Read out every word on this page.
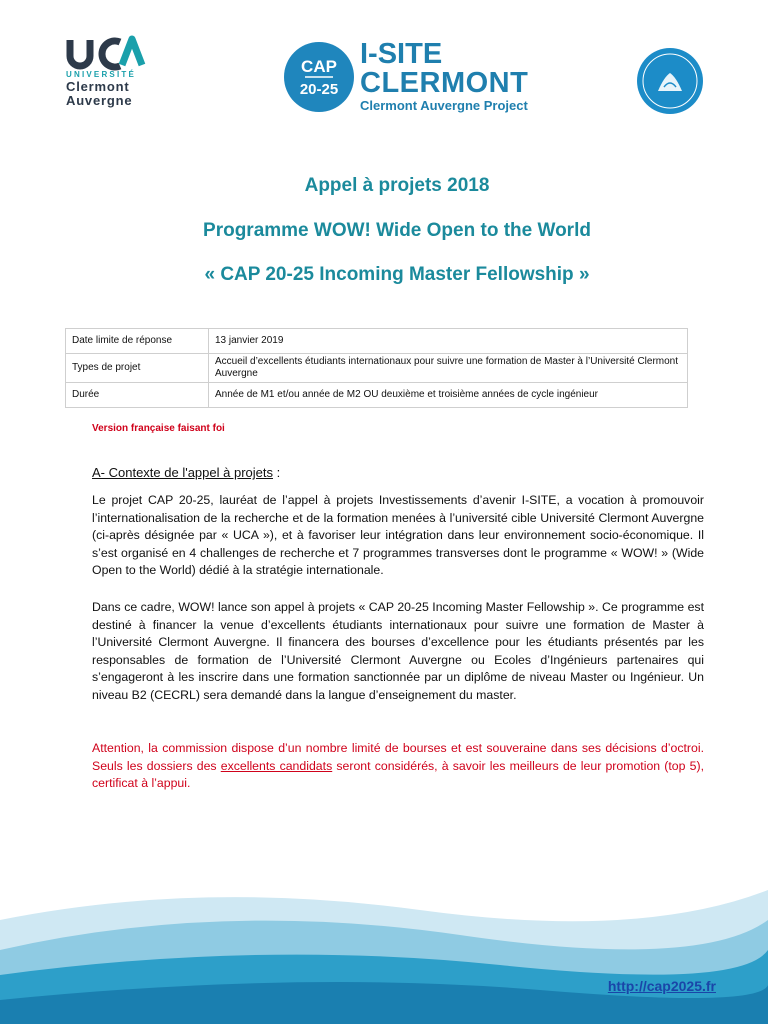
UNIVERSITÉ
Clermont
Auvergne
CAP
20-25
I-SITE
CLERMONT
Clermont Auvergne Project
Appel à projets 2018
Programme WOW! Wide Open to the World
« CAP 20-25 Incoming Master Fellowship »
Date limite de réponse	13 janvier 2019
Types de projet	Accueil d’excellents étudiants internationaux pour suivre une formation de Master à l’Université Clermont Auvergne
Durée	Année de M1 et/ou année de M2 OU deuxième et troisième années de cycle ingénieur
Version française faisant foi
A- Contexte de l'appel à projets :
Le projet CAP 20-25, lauréat de l’appel à projets Investissements d’avenir I-SITE, a vocation à promouvoir l’internationalisation de la recherche et de la formation menées à l’université cible Université Clermont Auvergne (ci-après désignée par « UCA »), et à favoriser leur intégration dans leur environnement socio-économique. Il s’est organisé en 4 challenges de recherche et 7 programmes transverses dont le programme « WOW! » (Wide Open to the World) dédié à la stratégie internationale.
Dans ce cadre, WOW! lance son appel à projets « CAP 20-25 Incoming Master Fellowship ». Ce programme est destiné à financer la venue d’excellents étudiants internationaux pour suivre une formation de Master à l’Université Clermont Auvergne. Il financera des bourses d’excellence pour les étudiants présentés par les responsables de formation de l’Université Clermont Auvergne ou Ecoles d’Ingénieurs partenaires qui s’engageront à les inscrire dans une formation sanctionnée par un diplôme de niveau Master ou Ingénieur. Un niveau B2 (CECRL) sera demandé dans la langue d’enseignement du master.
Attention, la commission dispose d’un nombre limité de bourses et est souveraine dans ses décisions d’octroi. Seuls les dossiers des excellents candidats seront considérés, à savoir les meilleurs de leur promotion (top 5), certificat à l’appui.
http://cap2025.fr
